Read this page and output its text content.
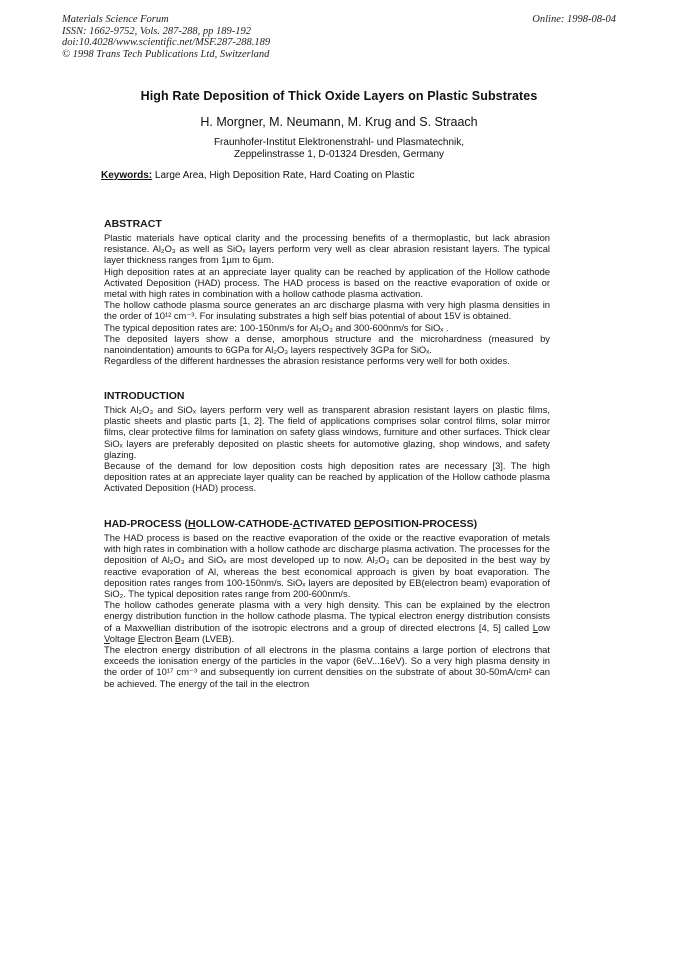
Materials Science Forum
ISSN: 1662-9752, Vols. 287-288, pp 189-192
doi:10.4028/www.scientific.net/MSF.287-288.189
© 1998 Trans Tech Publications Ltd, Switzerland
Online: 1998-08-04
High Rate Deposition of Thick Oxide Layers on Plastic Substrates
H. Morgner, M. Neumann, M. Krug and S. Straach
Fraunhofer-Institut Elektronenstrahl- und Plasmatechnik,
Zeppelinstrasse 1, D-01324 Dresden, Germany
Keywords: Large Area, High Deposition Rate, Hard Coating on Plastic
ABSTRACT

Plastic materials have optical clarity and the processing benefits of a thermoplastic, but lack abrasion resistance. Al₂O₃ as well as SiOₓ layers perform very well as clear abrasion resistant layers. The typical layer thickness ranges from 1µm to 6µm.

High deposition rates at an appreciate layer quality can be reached by application of the Hollow cathode Activated Deposition (HAD) process. The HAD process is based on the reactive evaporation of oxide or metal with high rates in combination with a hollow cathode plasma activation.

The hollow cathode plasma source generates an arc discharge plasma with very high plasma densities in the order of 10¹² cm⁻³. For insulating substrates a high self bias potential of about 15V is obtained.

The typical deposition rates are: 100-150nm/s for Al₂O₃ and 300-600nm/s for SiOₓ .

The deposited layers show a dense, amorphous structure and the microhardness (measured by nanoindentation) amounts to 6GPa for Al₂O₃ layers respectively 3GPa for SiOₓ.

Regardless of the different hardnesses the abrasion resistance performs very well for both oxides.

INTRODUCTION

Thick Al₂O₃ and SiOₓ layers perform very well as transparent abrasion resistant layers on plastic films, plastic sheets and plastic parts [1, 2]. The field of applications comprises solar control films, solar mirror films, clear protective films for lamination on safety glass windows, furniture and other surfaces. Thick clear SiOₓ layers are preferably deposited on plastic sheets for automotive glazing, shop windows, and safety glazing.

Because of the demand for low deposition costs high deposition rates are necessary [3]. The high deposition rates at an appreciate layer quality can be reached by application of the Hollow cathode plasma Activated Deposition (HAD) process.

HAD-PROCESS (HOLLOW-CATHODE-ACTIVATED DEPOSITION-PROCESS)

The HAD process is based on the reactive evaporation of the oxide or the reactive evaporation of metals with high rates in combination with a hollow cathode arc discharge plasma activation. The processes for the deposition of Al₂O₃ and SiOₓ are most developed up to now. Al₂O₃ can be deposited in the best way by reactive evaporation of Al, whereas the best economical approach is given by boat evaporation. The deposition rates ranges from 100-150nm/s. SiOₓ layers are deposited by EB(electron beam) evaporation of SiO₂. The typical deposition rates range from 200-600nm/s.

The hollow cathodes generate plasma with a very high density. This can be explained by the electron energy distribution function in the hollow cathode plasma. The typical electron energy distribution consists of a Maxwellian distribution of the isotropic electrons and a group of directed electrons [4, 5] called Low Voltage Electron Beam (LVEB).

The electron energy distribution of all electrons in the plasma contains a large portion of electrons that exceeds the ionisation energy of the particles in the vapor (6eV...16eV). So a very high plasma density in the order of 10¹⁷ cm⁻³ and subsequently ion current densities on the substrate of about 30-50mA/cm² can be achieved. The energy of the tail in the electron
